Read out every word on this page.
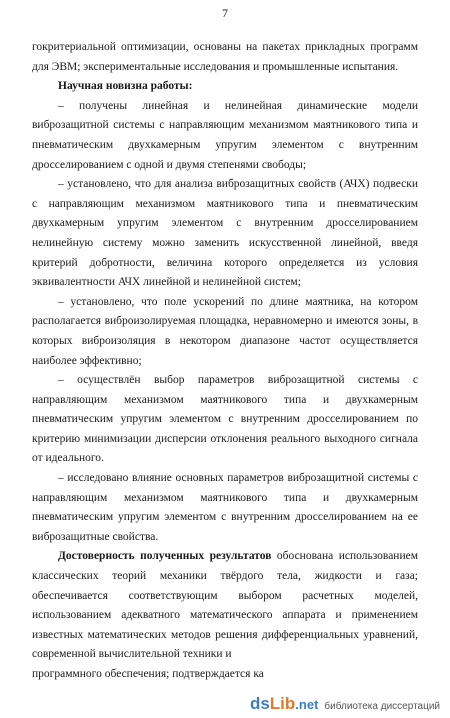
7

гокритериальной оптимизации, основаны на пакетах прикладных программ для ЭВМ; экспериментальные исследования и промышленные испытания.

Научная новизна работы:

– получены линейная и нелинейная динамические модели виброзащитной системы с направляющим механизмом маятникового типа и пневматическим двухкамерным упругим элементом с внутренним дросселированием с одной и двумя степенями свободы;

– установлено, что для анализа виброзащитных свойств (АЧХ) подвески с направляющим механизмом маятникового типа и пневматическим двухкамерным упругим элементом с внутренним дросселированием нелинейную систему можно заменить искусственной линейной, введя критерий добротности, величина которого определяется из условия эквивалентности АЧХ линейной и нелинейной систем;

– установлено, что поле ускорений по длине маятника, на котором располагается виброизолируемая площадка, неравномерно и имеются зоны, в которых виброизоляция в некотором диапазоне частот осуществляется наиболее эффективно;

– осуществлён выбор параметров виброзащитной системы с направляющим механизмом маятникового типа и двухкамерным пневматическим упругим элементом с внутренним дросселированием по критерию минимизации дисперсии отклонения реального выходного сигнала от идеального.

– исследовано влияние основных параметров виброзащитной системы с направляющим механизмом маятникового типа и двухкамерным пневматическим упругим элементом с внутренним дросселированием на ее виброзащитные свойства.

Достоверность полученных результатов обоснована использованием классических теорий механики твёрдого тела, жидкости и газа; обеспечивается соответствующим выбором расчетных моделей, использованием адекватного математического аппарата и применением известных математических методов решения дифференциальных уравнений, современной вычислительной техники и

программного обеспечения; подтверждается ка

ds Lib .net библиотека диссертаций
